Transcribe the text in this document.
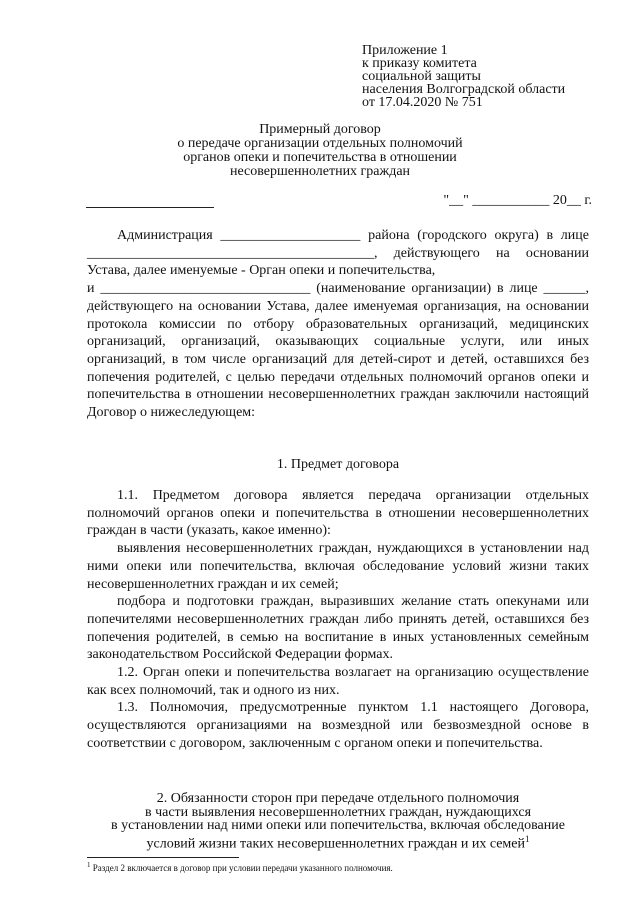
Приложение 1
к приказу комитета
социальной защиты
населения Волгоградской области
от 17.04.2020 № 751
Примерный договор
о передаче организации отдельных полномочий
органов опеки и попечительства в отношении
несовершеннолетних граждан
"__" ___________ 20__ г.

Администрация ____________________ района (городского округа) в лице _________________________________________, действующего на основании Устава, далее именуемые - Орган опеки и попечительства,

и ______________________________ (наименование организации) в лице ______, действующего на основании Устава, далее именуемая организация, на основании протокола комиссии по отбору образовательных организаций, медицинских организаций, организаций, оказывающих социальные услуги, или иных организаций, в том числе организаций для детей-сирот и детей, оставшихся без попечения родителей, с целью передачи отдельных полномочий органов опеки и попечительства в отношении несовершеннолетних граждан заключили настоящий Договор о нижеследующем:

1. Предмет договора

1.1. Предметом договора является передача организации отдельных полномочий органов опеки и попечительства в отношении несовершеннолетних граждан в части (указать, какое именно):

выявления несовершеннолетних граждан, нуждающихся в установлении над ними опеки или попечительства, включая обследование условий жизни таких несовершеннолетних граждан и их семей;

подбора и подготовки граждан, выразивших желание стать опекунами или попечителями несовершеннолетних граждан либо принять детей, оставшихся без попечения родителей, в семью на воспитание в иных установленных семейным законодательством Российской Федерации формах.

1.2. Орган опеки и попечительства возлагает на организацию осуществление как всех полномочий, так и одного из них.

1.3. Полномочия, предусмотренные пунктом 1.1 настоящего Договора, осуществляются организациями на возмездной или безвозмездной основе в соответствии с договором, заключенным с органом опеки и попечительства.

2. Обязанности сторон при передаче отдельного полномочия
в части выявления несовершеннолетних граждан, нуждающихся
в установлении над ними опеки или попечительства, включая обследование
условий жизни таких несовершеннолетних граждан и их семей$^1$
$^1$ Раздел 2 включается в договор при условии передачи указанного полномочия.
